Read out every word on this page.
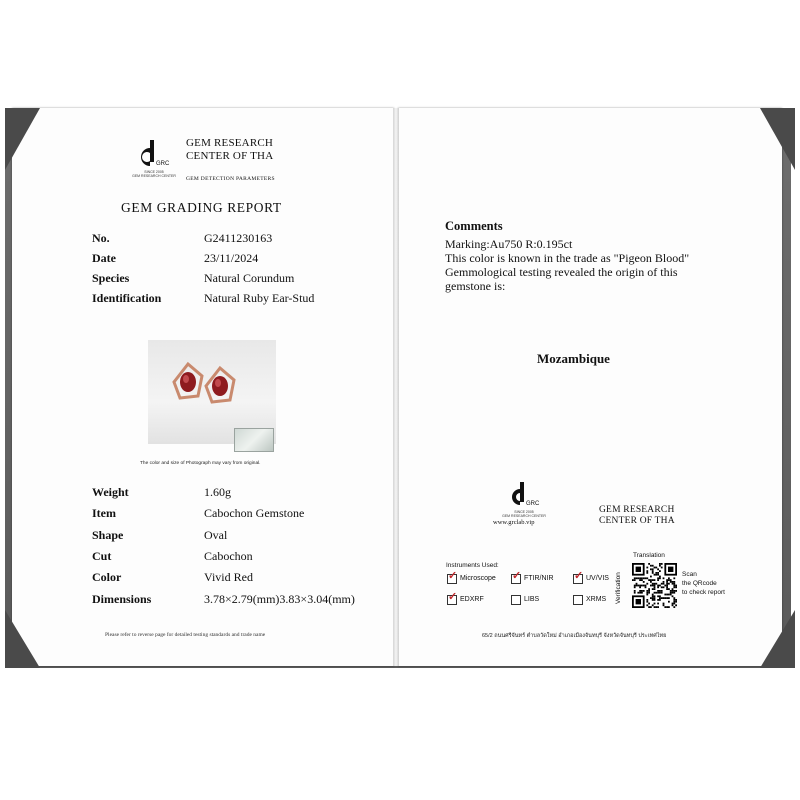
GRC
SINCE 2005
GEM RESEARCH CENTER
GEM RESEARCH
CENTER OF THA
GEM DETECTION PARAMETERS
GEM GRADING REPORT
No.	G2411230163
Date	23/11/2024
Species	Natural Corundum
Identification	Natural Ruby Ear-Stud
The color and size of Photograph may vary from original.
Weight	1.60g
Item	Cabochon Gemstone
Shape	Oval
Cut	Cabochon
Color	Vivid Red
Dimensions	3.78×2.79(mm)3.83×3.04(mm)
Please refer to reverse page for detailed testing standards and trade name
Comments
Marking:Au750 R:0.195ct
This color is known in the trade as "Pigeon Blood"
Gemmological testing revealed the origin of this
gemstone is:
Mozambique
GRC
SINCE 2005
GEM RESEARCH CENTER
www.grclab.vip
GEM RESEARCH
CENTER OF THA
Instruments Used:
✓ Microscope ✓ FTIR/NIR ✓ UV/VIS
✓ EDXRF	LIBS	XRMS
Translation
Verification	Scan
the QRcode
to check report
65/2 ถนนศรีจันทร์ ตำบลวัดใหม่ อำเภอเมืองจันทบุรี จังหวัดจันทบุรี ประเทศไทย
